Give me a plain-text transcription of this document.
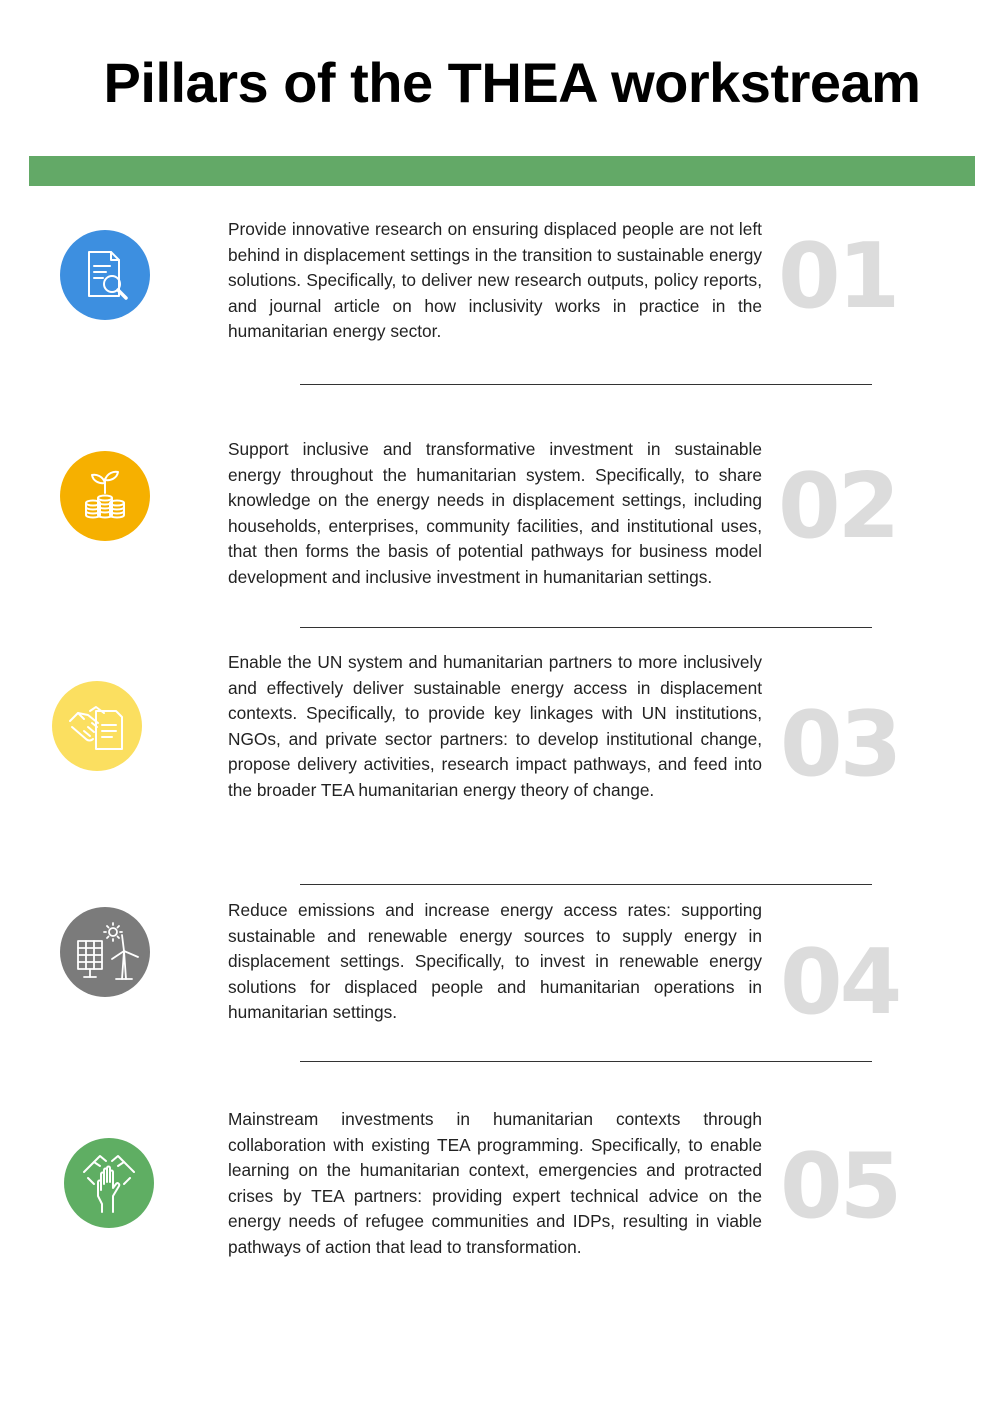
Pillars of the THEA workstream
Provide innovative research on ensuring displaced people are not left behind in displacement settings in the transition to sustainable energy solutions. Specifically, to deliver new research outputs, policy reports, and journal article on how inclusivity works in practice in the humanitarian energy sector.
01
Support inclusive and transformative investment in sustainable energy throughout the humanitarian system. Specifically, to share knowledge on the energy needs in displacement settings, including households, enterprises, community facilities, and institutional uses, that then forms the basis of potential pathways for business model development and inclusive investment in humanitarian settings.
02
Enable the UN system and humanitarian partners to more inclusively and effectively deliver sustainable energy access in displacement contexts. Specifically, to provide key linkages with UN institutions, NGOs, and private sector partners: to develop institutional change, propose delivery activities, research impact pathways, and feed into the broader TEA humanitarian energy theory of change.	03
Reduce emissions and increase energy access rates: supporting sustainable and renewable energy sources to supply energy in displacement settings. Specifically, to invest in renewable energy solutions for displaced people and humanitarian operations in humanitarian settings.	04
Mainstream investments in humanitarian contexts through collaboration with existing TEA programming. Specifically, to enable learning on the humanitarian context, emergencies and protracted crises by TEA partners: providing expert technical advice on the energy needs of refugee communities and IDPs, resulting in viable pathways of action that lead to transformation.
05
